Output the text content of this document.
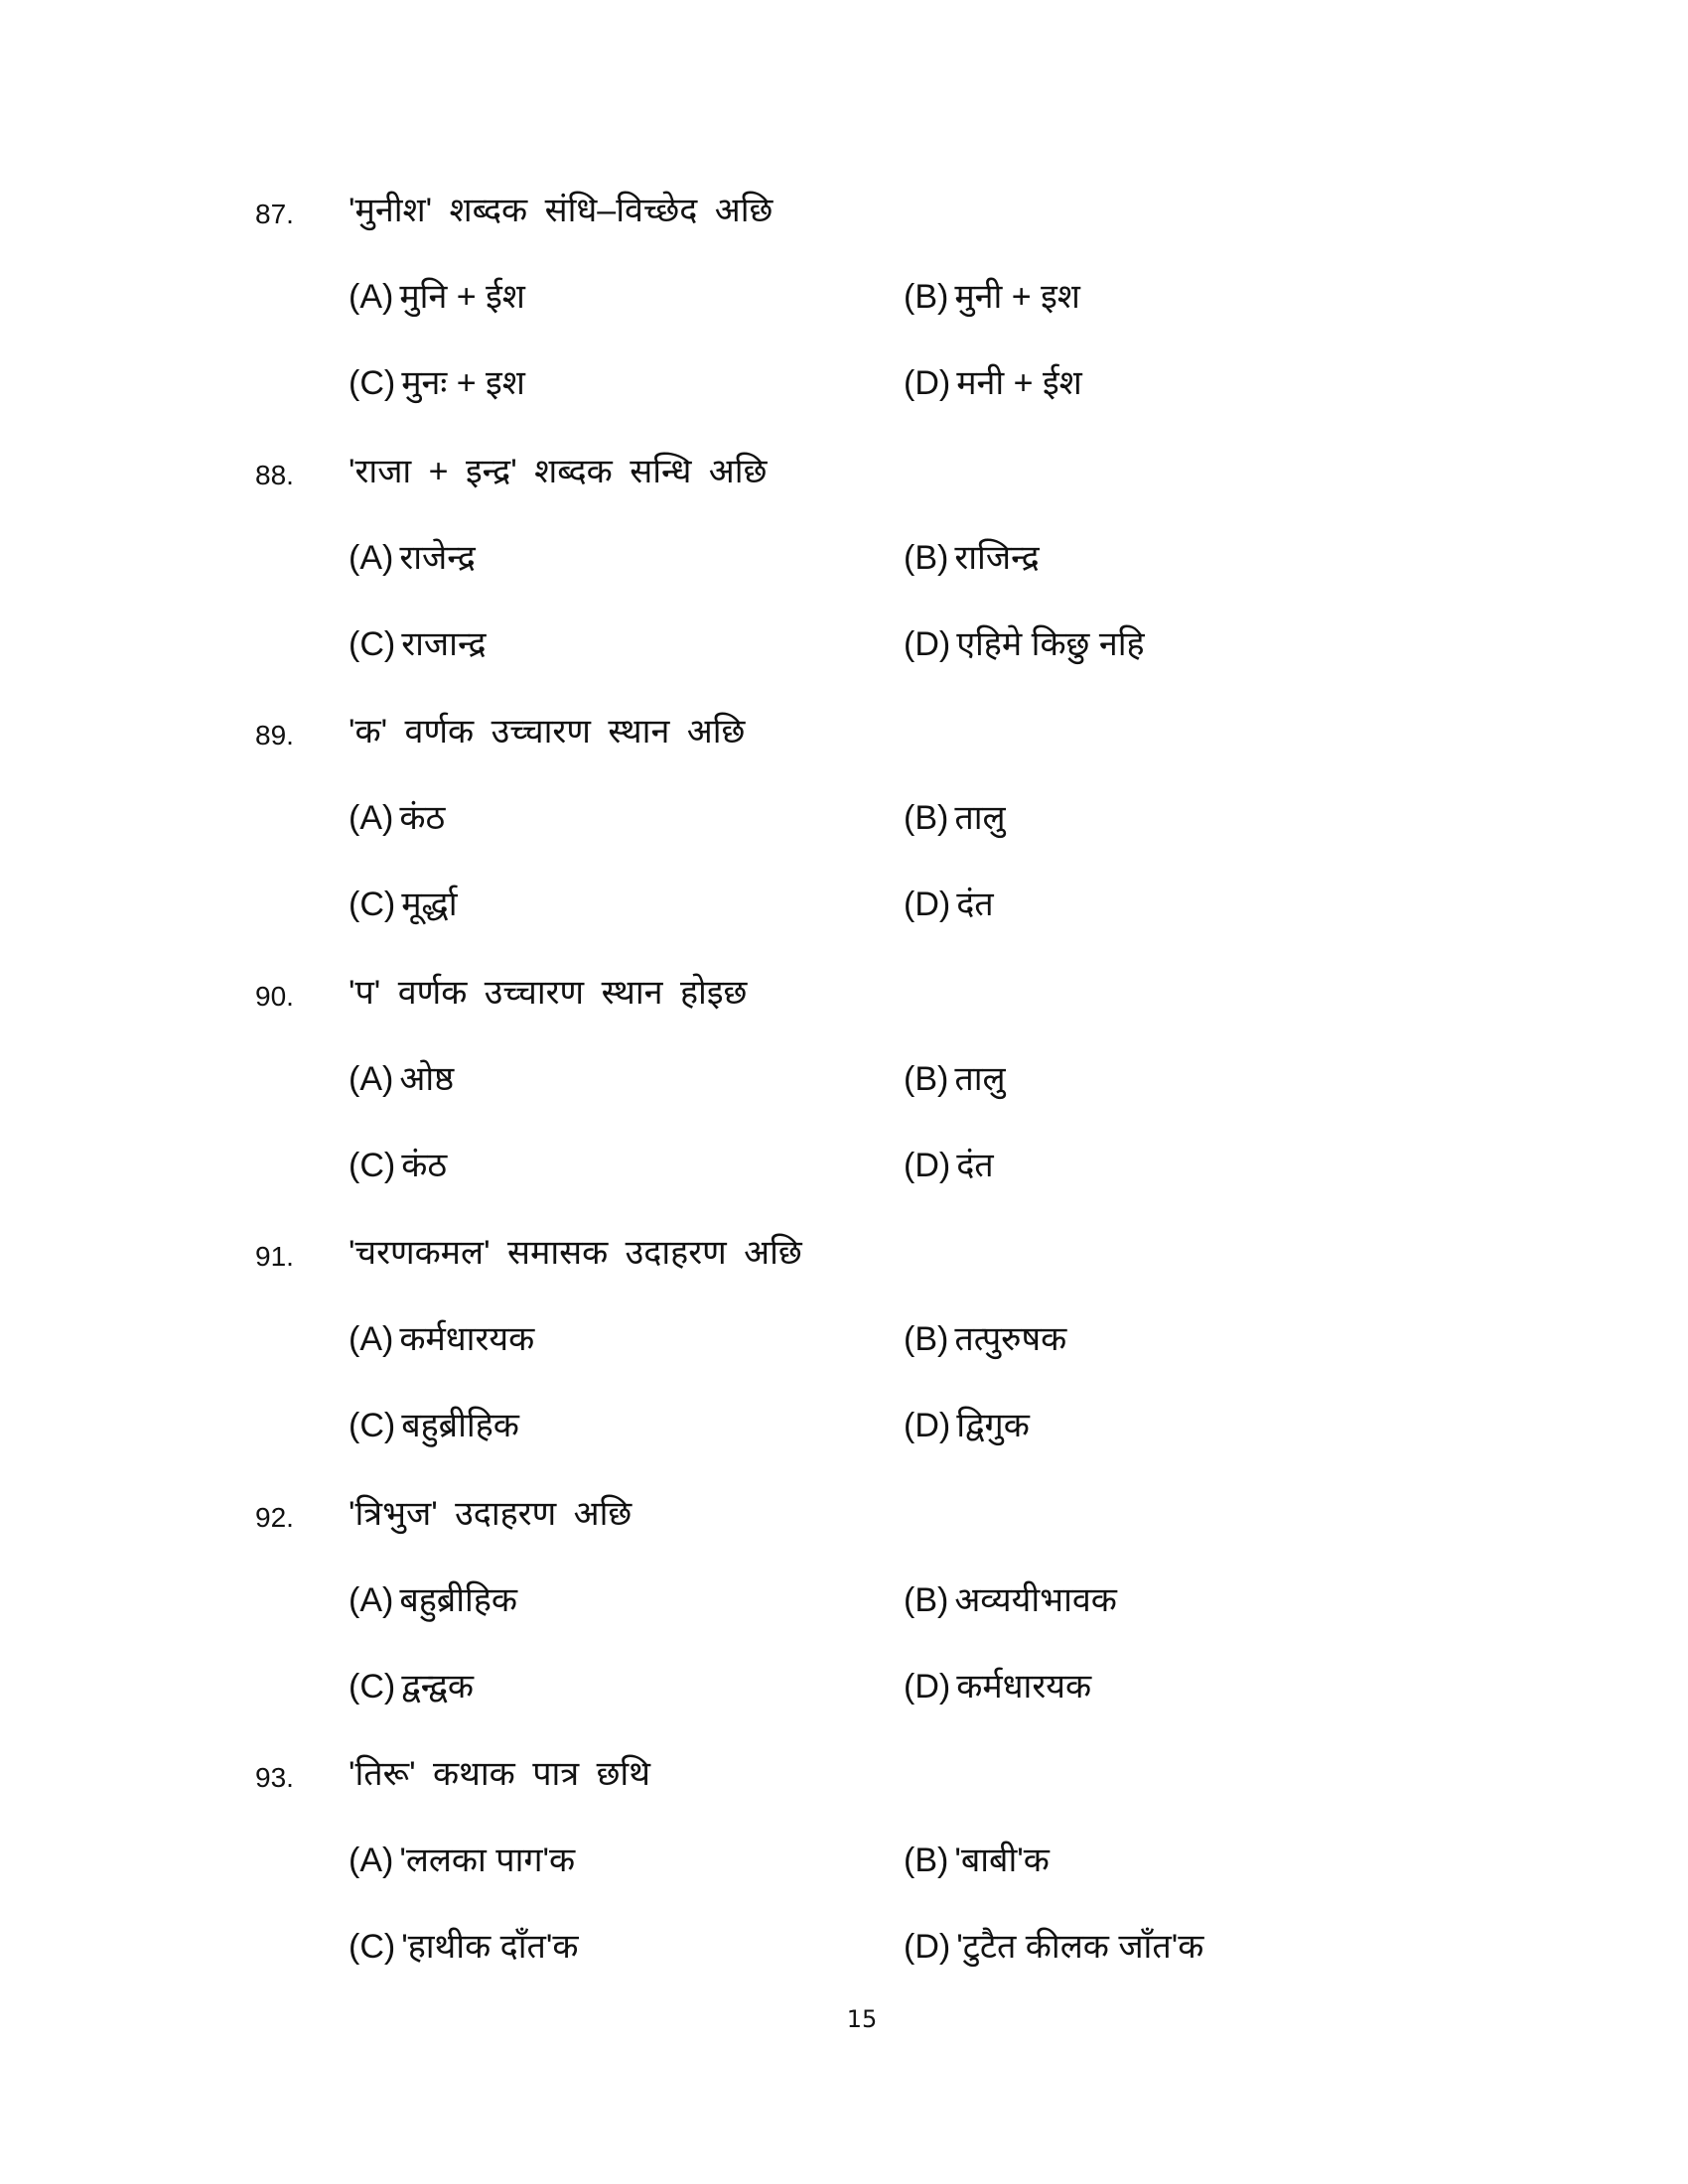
87. 'मुनीश' शब्दक संधि–विच्छेद अछि
(A) मुनि + ईश	(B) मुनी + इश
(C) मुनः + इश	(D) मनी + ईश
88. 'राजा + इन्द्र' शब्दक सन्धि अछि
(A) राजेन्द्र	(B) राजिन्द्र
(C) राजान्द्र	(D) एहिमे किछु नहि
89. 'क' वर्णक उच्चारण स्थान अछि
(A) कंठ	(B) तालु
(C) मूर्द्धा	(D) दंत
90. 'प' वर्णक उच्चारण स्थान होइछ
(A) ओष्ठ	(B) तालु
(C) कंठ	(D) दंत
91. 'चरणकमल' समासक उदाहरण अछि
(A) कर्मधारयक	(B) तत्पुरुषक
(C) बहुब्रीहिक	(D) द्विगुक
92. 'त्रिभुज' उदाहरण अछि
(A) बहुब्रीहिक	(B) अव्ययीभावक
(C) द्वन्द्वक	(D) कर्मधारयक
93. 'तिरू' कथाक पात्र छथि
(A) 'ललका पाग'क	(B) 'बाबी'क
(C) 'हाथीक दाँत'क	(D) 'टुटैत कीलक जाँत'क
15
